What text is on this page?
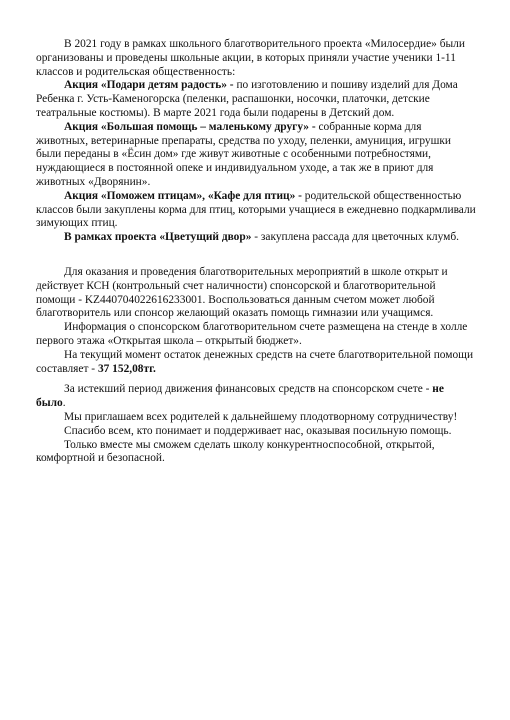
В 2021 году в рамках школьного благотворительного проекта «Милосердие» были организованы и проведены школьные акции, в которых приняли участие ученики 1-11 классов и родительская общественность:

Акция «Подари детям радость» - по изготовлению и пошиву изделий для Дома Ребенка г. Усть-Каменогорска (пеленки, распашонки, носочки, платочки, детские театральные костюмы). В марте 2021 года были подарены в Детский дом.

Акция «Большая помощь – маленькому другу» - собранные корма для животных, ветеринарные препараты, средства по уходу, пеленки, амуниция, игрушки были переданы в «Ёсин дом» где живут животные с особенными потребностями, нуждающиеся в постоянной опеке и индивидуальном уходе, а так же в приют для животных «Дворянин».

Акция «Поможем птицам», «Кафе для птиц» - родительской общественностью классов были закуплены корма для птиц, которыми учащиеся в ежедневно подкармливали зимующих птиц.

В рамках проекта «Цветущий двор» - закуплена рассада для цветочных клумб.

Для оказания и проведения благотворительных мероприятий в школе открыт и действует КСН (контрольный счет наличности) спонсорской и благотворительной помощи - KZ440704022616233001. Воспользоваться данным счетом может любой благотворитель или спонсор желающий оказать помощь гимназии или учащимся.

Информация о спонсорском благотворительном счете размещена на стенде в холле первого этажа «Открытая школа – открытый бюджет».

На текущий момент остаток денежных средств на счете благотворительной помощи составляет - 37 152,08тг.

За истекший период движения финансовых средств на спонсорском счете - не было.

Мы приглашаем всех родителей к дальнейшему плодотворному сотрудничеству!

Спасибо всем, кто понимает и поддерживает нас, оказывая посильную помощь.

Только вместе мы сможем сделать школу конкурентноспособной, открытой, комфортной и безопасной.
